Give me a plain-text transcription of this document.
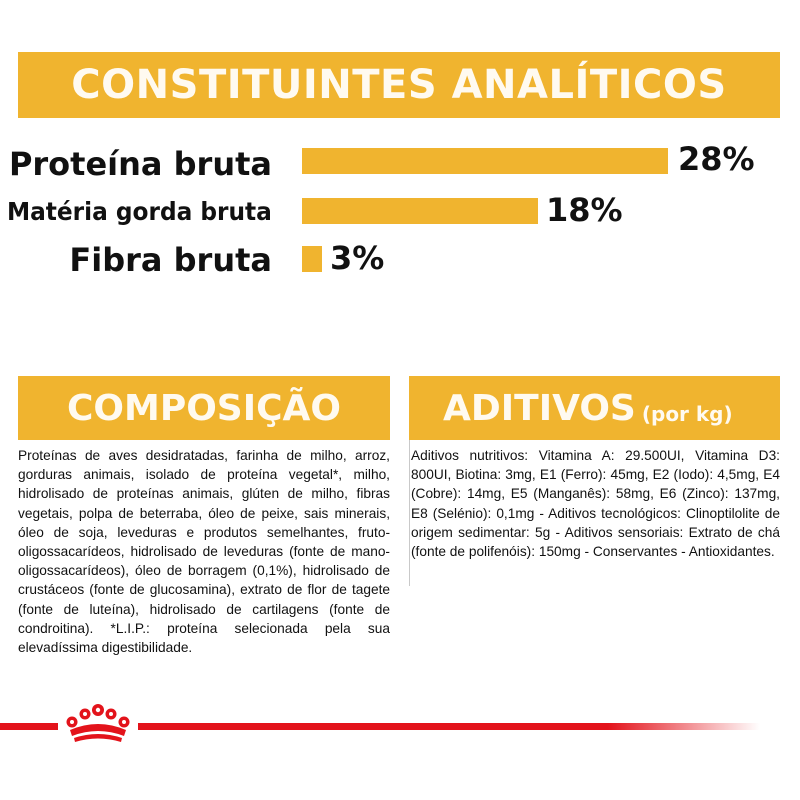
CONSTITUINTES ANALÍTICOS
Proteína bruta	28%
Matéria gorda bruta	18%
Fibra bruta 3%
COMPOSIÇÃO
Proteínas de aves desidratadas, farinha de milho, arroz, gorduras animais, isolado de proteína vegetal*, milho, hidrolisado de proteínas animais, glúten de milho, fibras vegetais, polpa de beterraba, óleo de peixe, sais minerais, óleo de soja, leveduras e produtos semelhantes, fruto-oligossacarídeos, hidrolisado de leveduras (fonte de mano-oligossacarídeos), óleo de borragem (0,1%), hidrolisado de crustáceos (fonte de glucosamina), extrato de flor de tagete (fonte de luteína), hidrolisado de cartilagens (fonte de condroitina). *L.I.P.: proteína selecionada pela sua elevadíssima digestibilidade.
ADITIVOS (por kg)
Aditivos nutritivos: Vitamina A: 29.500UI, Vitamina D3: 800UI, Biotina: 3mg, E1 (Ferro): 45mg, E2 (Iodo): 4,5mg, E4 (Cobre): 14mg, E5 (Manganês): 58mg, E6 (Zinco): 137mg, E8 (Selénio): 0,1mg - Aditivos tecnológicos: Clinoptilolite de origem sedimentar: 5g - Aditivos sensoriais: Extrato de chá (fonte de polifenóis): 150mg - Conservantes - Antioxidantes.
